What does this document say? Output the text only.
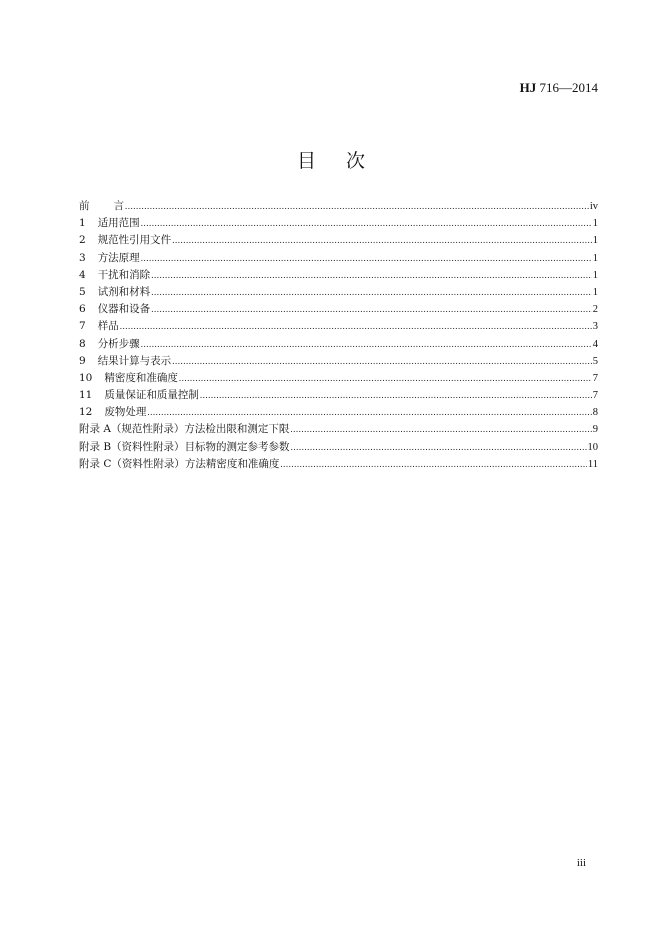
HJ 716—2014
目次
前 言 .....	iv
1 适用范围 .....	1
2 规范性引用文件 .....	1
3 方法原理 .....	1
4 干扰和消除 .....	1
5 试剂和材料 .....	1
6 仪器和设备 .....	2
7 样品 .....	3
8 分析步骤 .....	4
9 结果计算与表示 .....	5
10 精密度和准确度 .....	7
11 质量保证和质量控制 .....	7
12 废物处理 .....	8
附录 A（规范性附录） 方法检出限和测定下限 .....	9
附录 B（资料性附录） 目标物的测定参考参数 .....	10
附录 C（资料性附录） 方法精密度和准确度 .....	11
iii
